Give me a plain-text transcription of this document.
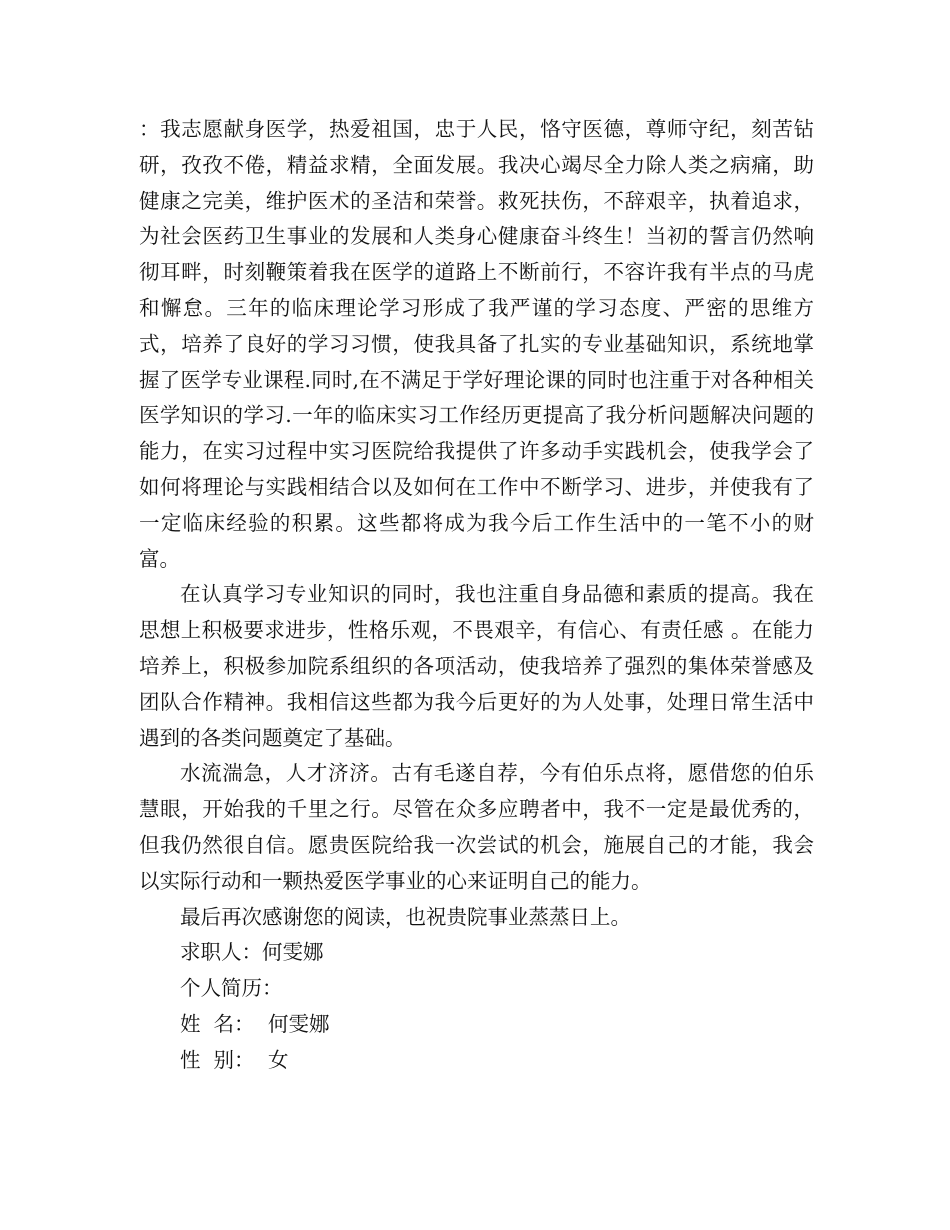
：我志愿献身医学，热爱祖国，忠于人民，恪守医德，尊师守纪，刻苦钻研，孜孜不倦，精益求精，全面发展。我决心竭尽全力除人类之病痛，助健康之完美，维护医术的圣洁和荣誉。救死扶伤，不辞艰辛，执着追求，为社会医药卫生事业的发展和人类身心健康奋斗终生！当初的誓言仍然响彻耳畔，时刻鞭策着我在医学的道路上不断前行，不容许我有半点的马虎和懈怠。三年的临床理论学习形成了我严谨的学习态度、严密的思维方式，培养了良好的学习习惯，使我具备了扎实的专业基础知识，系统地掌握了医学专业课程.同时,在不满足于学好理论课的同时也注重于对各种相关医学知识的学习.一年的临床实习工作经历更提高了我分析问题解决问题的能力，在实习过程中实习医院给我提供了许多动手实践机会，使我学会了如何将理论与实践相结合以及如何在工作中不断学习、进步，并使我有了一定临床经验的积累。这些都将成为我今后工作生活中的一笔不小的财富。

在认真学习专业知识的同时，我也注重自身品德和素质的提高。我在思想上积极要求进步，性格乐观，不畏艰辛，有信心、有责任感 。在能力培养上，积极参加院系组织的各项活动，使我培养了强烈的集体荣誉感及团队合作精神。我相信这些都为我今后更好的为人处事，处理日常生活中遇到的各类问题奠定了基础。

水流湍急，人才济济。古有毛遂自荐，今有伯乐点将，愿借您的伯乐慧眼，开始我的千里之行。尽管在众多应聘者中，我不一定是最优秀的，但我仍然很自信。愿贵医院给我一次尝试的机会，施展自己的才能，我会以实际行动和一颗热爱医学事业的心来证明自己的能力。

最后再次感谢您的阅读，也祝贵院事业蒸蒸日上。

求职人：何雯娜

个人简历：

姓  名： 何雯娜

性  别： 女
